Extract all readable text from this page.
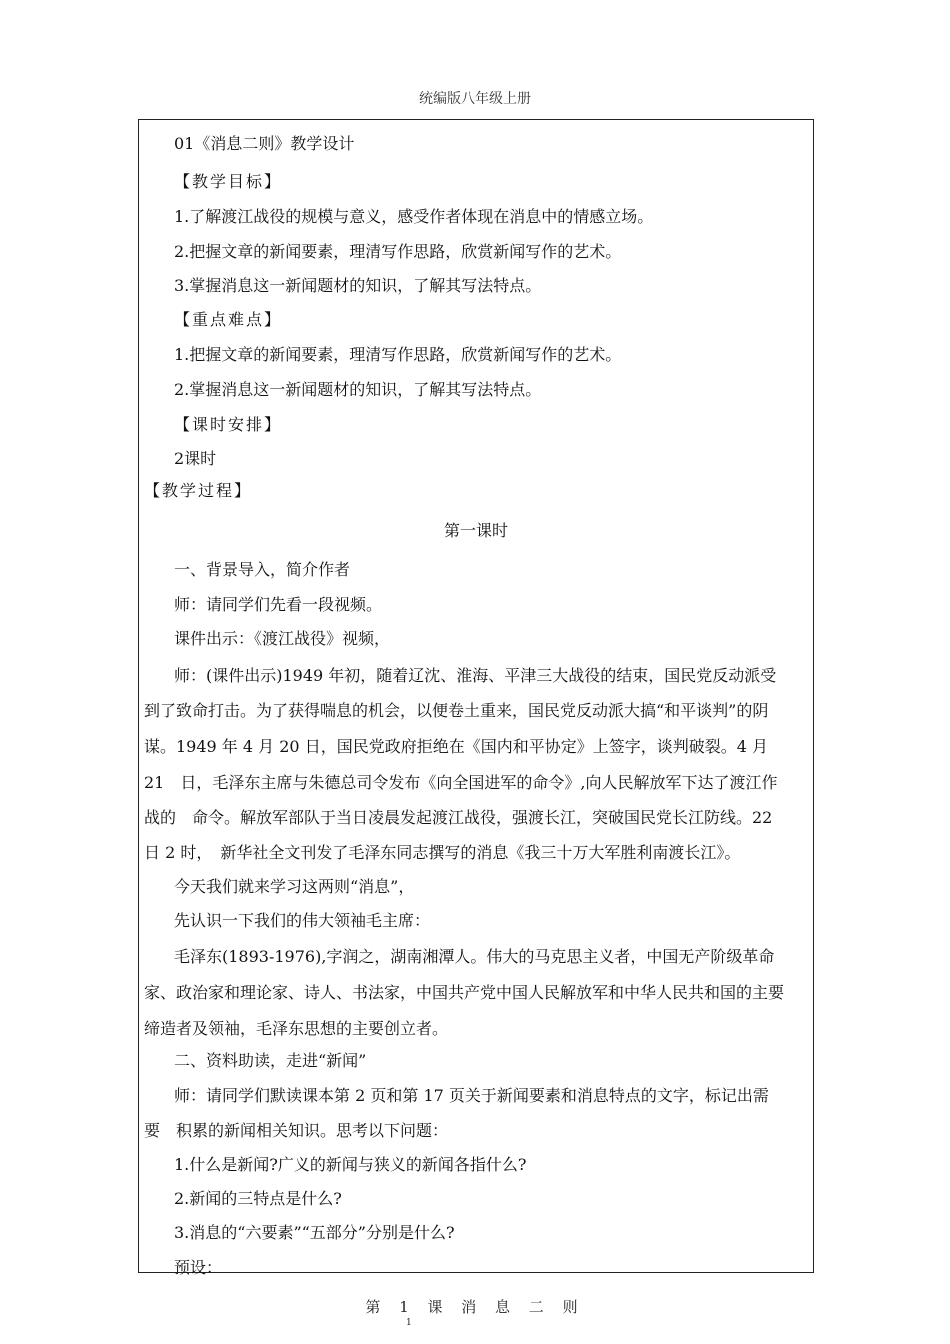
统编版八年级上册
01《消息二则》教学设计
【教学目标】
1.了解渡江战役的规模与意义，感受作者体现在消息中的情感立场。
2.把握文章的新闻要素，理清写作思路，欣赏新闻写作的艺术。
3.掌握消息这一新闻题材的知识，了解其写法特点。
【重点难点】
1.把握文章的新闻要素，理清写作思路，欣赏新闻写作的艺术。
2.掌握消息这一新闻题材的知识，了解其写法特点。
【课时安排】
2课时
【教学过程】
第一课时
一、背景导入，简介作者
师：请同学们先看一段视频。
课件出示：《渡江战役》视频，
师：(课件出示)1949 年初，随着辽沈、淮海、平津三大战役的结束，国民党反动派受
到了致命打击。为了获得喘息的机会，以便卷土重来，国民党反动派大搞“和平谈判”的阴
谋。1949 年 4 月 20 日，国民党政府拒绝在《国内和平协定》上签字，谈判破裂。4 月
21　日，毛泽东主席与朱德总司令发布《向全国进军的命令》,向人民解放军下达了渡江作
战的　命令。解放军部队于当日凌晨发起渡江战役，强渡长江，突破国民党长江防线。22
日 2 时，　新华社全文刊发了毛泽东同志撰写的消息《我三十万大军胜利南渡长江》。
今天我们就来学习这两则“消息”，
先认识一下我们的伟大领袖毛主席：
毛泽东(1893-1976),字润之，湖南湘潭人。伟大的马克思主义者，中国无产阶级革命
家、政治家和理论家、诗人、书法家，中国共产党中国人民解放军和中华人民共和国的主要
缔造者及领袖，毛泽东思想的主要创立者。
二、资料助读，走进“新闻”
师：请同学们默读课本第 2 页和第 17 页关于新闻要素和消息特点的文字，标记出需
要　积累的新闻相关知识。思考以下问题：
1.什么是新闻?广义的新闻与狭义的新闻各指什么?
2.新闻的三特点是什么?
3.消息的“六要素”“五部分”分别是什么?
预设：
第 1 课 消 息 二 则
1
